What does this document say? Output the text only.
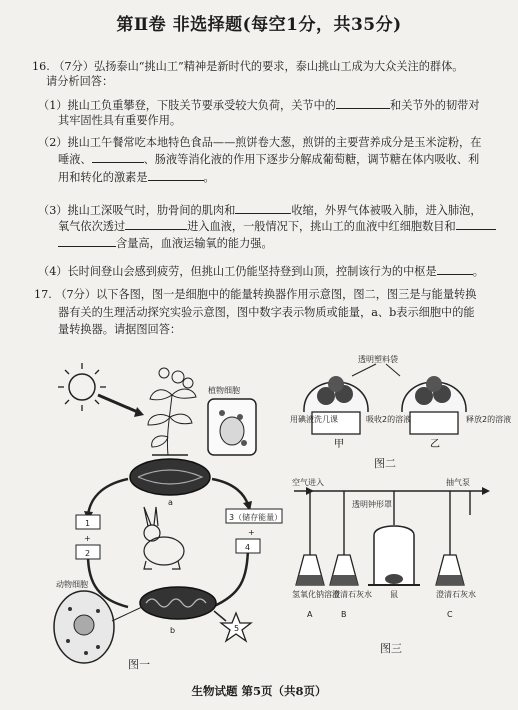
第Ⅱ卷 非选择题(每空1分，共35分)
16. （7分）弘扬泰山“挑山工”精神是新时代的要求，泰山挑山工成为大众关注的群体。
请分析回答：
（1）挑山工负重攀登，下肢关节要承受较大负荷，关节中的	和关节外的韧带对
其牢固性具有重要作用。
（2）挑山工午餐常吃本地特色食品——煎饼卷大葱，煎饼的主要营养成分是玉米淀粉，在
唾液、	、肠液等消化液的作用下逐步分解成葡萄糖，调节糖在体内吸收、利
用和转化的激素是	。
（3）挑山工深吸气时，肋骨间的肌肉和	收缩，外界气体被吸入肺，进入肺泡，
氧气依次透过	进入血液，一般情况下，挑山工的血液中红细胞数目和
含量高，血液运输氧的能力强。
（4）长时间登山会感到疲劳，但挑山工仍能坚持登到山顶，控制该行为的中枢是	。
17. （7分）以下各图，图一是细胞中的能量转换器作用示意图，图二，图三是与能量转换
器有关的生理活动探究实验示意图，图中数字表示物质或能量，a、b表示细胞中的能
量转换器。请据图回答：
植物细胞
a
1
+
2
3（储存能量）
+
4
b
动物细胞
5
图一
透明塑料袋
用碘液洗几课	吸收2的溶液	释放2的溶液
甲	乙
图二
空气进入	抽气泵
透明钟形罩
氢氧化钠溶液
澄清石灰水 鼠	澄清石灰水
A	B	C
图三
生物试题 第5页（共8页）
